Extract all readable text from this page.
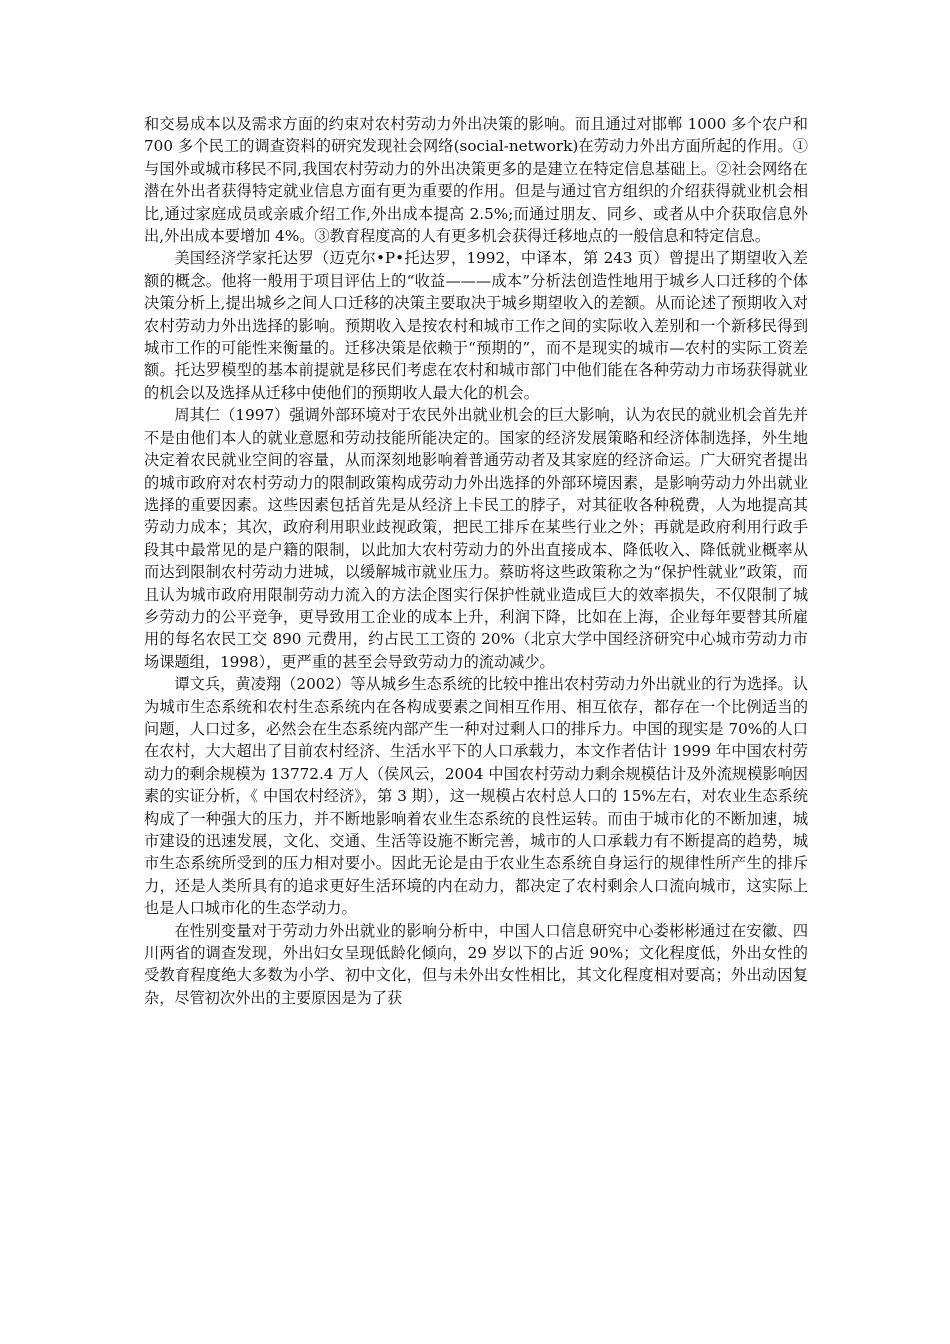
和交易成本以及需求方面的约束对农村劳动力外出决策的影响。而且通过对邯郸 1000 多个农户和 700 多个民工的调查资料的研究发现社会网络(social-network)在劳动力外出方面所起的作用。①与国外或城市移民不同,我国农村劳动力的外出决策更多的是建立在特定信息基础上。②社会网络在潜在外出者获得特定就业信息方面有更为重要的作用。但是与通过官方组织的介绍获得就业机会相比,通过家庭成员或亲戚介绍工作,外出成本提高 2.5%;而通过朋友、同乡、或者从中介获取信息外出,外出成本要增加 4%。③教育程度高的人有更多机会获得迁移地点的一般信息和特定信息。

美国经济学家托达罗（迈克尔•P•托达罗，1992，中译本，第 243 页）曾提出了期望收入差额的概念。他将一般用于项目评估上的“收益———成本”分析法创造性地用于城乡人口迁移的个体决策分析上,提出城乡之间人口迁移的决策主要取决于城乡期望收入的差额。从而论述了预期收入对农村劳动力外出选择的影响。预期收入是按农村和城市工作之间的实际收入差别和一个新移民得到城市工作的可能性来衡量的。迁移决策是依赖于“预期的”，而不是现实的城市—农村的实际工资差额。托达罗模型的基本前提就是移民们考虑在农村和城市部门中他们能在各种劳动力市场获得就业的机会以及选择从迁移中使他们的预期收人最大化的机会。

周其仁（1997）强调外部环境对于农民外出就业机会的巨大影响，认为农民的就业机会首先并不是由他们本人的就业意愿和劳动技能所能决定的。国家的经济发展策略和经济体制选择，外生地决定着农民就业空间的容量，从而深刻地影响着普通劳动者及其家庭的经济命运。广大研究者提出的城市政府对农村劳动力的限制政策构成劳动力外出选择的外部环境因素，是影响劳动力外出就业选择的重要因素。这些因素包括首先是从经济上卡民工的脖子，对其征收各种税费，人为地提高其劳动力成本；其次，政府利用职业歧视政策，把民工排斥在某些行业之外；再就是政府利用行政手段其中最常见的是户籍的限制，以此加大农村劳动力的外出直接成本、降低收入、降低就业概率从而达到限制农村劳动力进城，以缓解城市就业压力。蔡昉将这些政策称之为“保护性就业”政策，而且认为城市政府用限制劳动力流入的方法企图实行保护性就业造成巨大的效率损失，不仅限制了城乡劳动力的公平竞争，更导致用工企业的成本上升，利润下降，比如在上海，企业每年要替其所雇用的每名农民工交 890 元费用，约占民工工资的 20%（北京大学中国经济研究中心城市劳动力市场课题组，1998），更严重的甚至会导致劳动力的流动减少。

谭文兵，黄凌翔（2002）等从城乡生态系统的比较中推出农村劳动力外出就业的行为选择。认为城市生态系统和农村生态系统内在各构成要素之间相互作用、相互依存，都存在一个比例适当的问题，人口过多，必然会在生态系统内部产生一种对过剩人口的排斥力。中国的现实是 70%的人口在农村，大大超出了目前农村经济、生活水平下的人口承载力，本文作者估计 1999 年中国农村劳动力的剩余规模为 13772.4 万人（侯风云，2004 中国农村劳动力剩余规模估计及外流规模影响因素的实证分析，《 中国农村经济》，第 3 期），这一规模占农村总人口的 15%左右，对农业生态系统构成了一种强大的压力，并不断地影响着农业生态系统的良性运转。而由于城市化的不断加速，城市建设的迅速发展，文化、交通、生活等设施不断完善，城市的人口承载力有不断提高的趋势，城市生态系统所受到的压力相对要小。因此无论是由于农业生态系统自身运行的规律性所产生的排斥力，还是人类所具有的追求更好生活环境的内在动力，都决定了农村剩余人口流向城市，这实际上也是人口城市化的生态学动力。

在性别变量对于劳动力外出就业的影响分析中，中国人口信息研究中心娄彬彬通过在安徽、四川两省的调查发现，外出妇女呈现低龄化倾向，29 岁以下的占近 90%；文化程度低，外出女性的受教育程度绝大多数为小学、初中文化，但与未外出女性相比，其文化程度相对要高；外出动因复杂，尽管初次外出的主要原因是为了获
